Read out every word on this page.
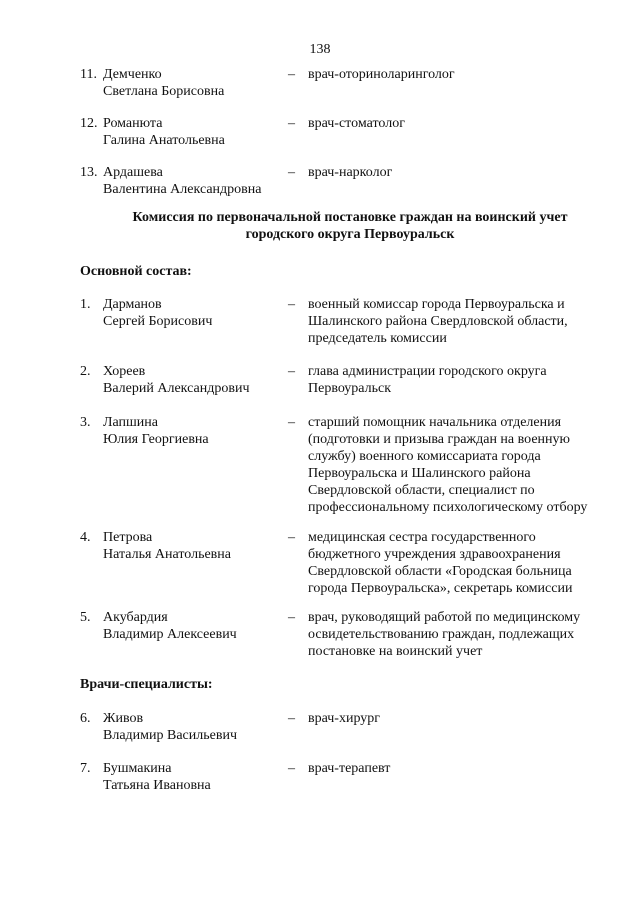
138
11. Демченко
Светлана Борисовна
– врач-оториноларинголог
12. Романюта
Галина Анатольевна
– врач-стоматолог
13. Ардашева
Валентина Александровна
– врач-нарколог
Комиссия по первоначальной постановке граждан на воинский учет
городского округа Первоуральск
Основной состав:
1. Дарманов
Сергей Борисович
– военный комиссар города Первоуральска и
Шалинского района Свердловской области,
председатель комиссии
2. Хореев
Валерий Александрович
– глава администрации городского округа
Первоуральск
3. Лапшина
Юлия Георгиевна
– старший помощник начальника отделения
(подготовки и призыва граждан на военную
службу) военного комиссариата города
Первоуральска и Шалинского района
Свердловской области, специалист по
профессиональному психологическому отбору
4. Петрова
Наталья Анатольевна
– медицинская сестра государственного
бюджетного учреждения здравоохранения
Свердловской области «Городская больница
города Первоуральска», секретарь комиссии
5. Акубардия
Владимир Алексеевич
– врач, руководящий работой по медицинскому
освидетельствованию граждан, подлежащих
постановке на воинский учет
Врачи-специалисты:
6. Живов
Владимир Васильевич
– врач-хирург
7. Бушмакина
Татьяна Ивановна
– врач-терапевт
